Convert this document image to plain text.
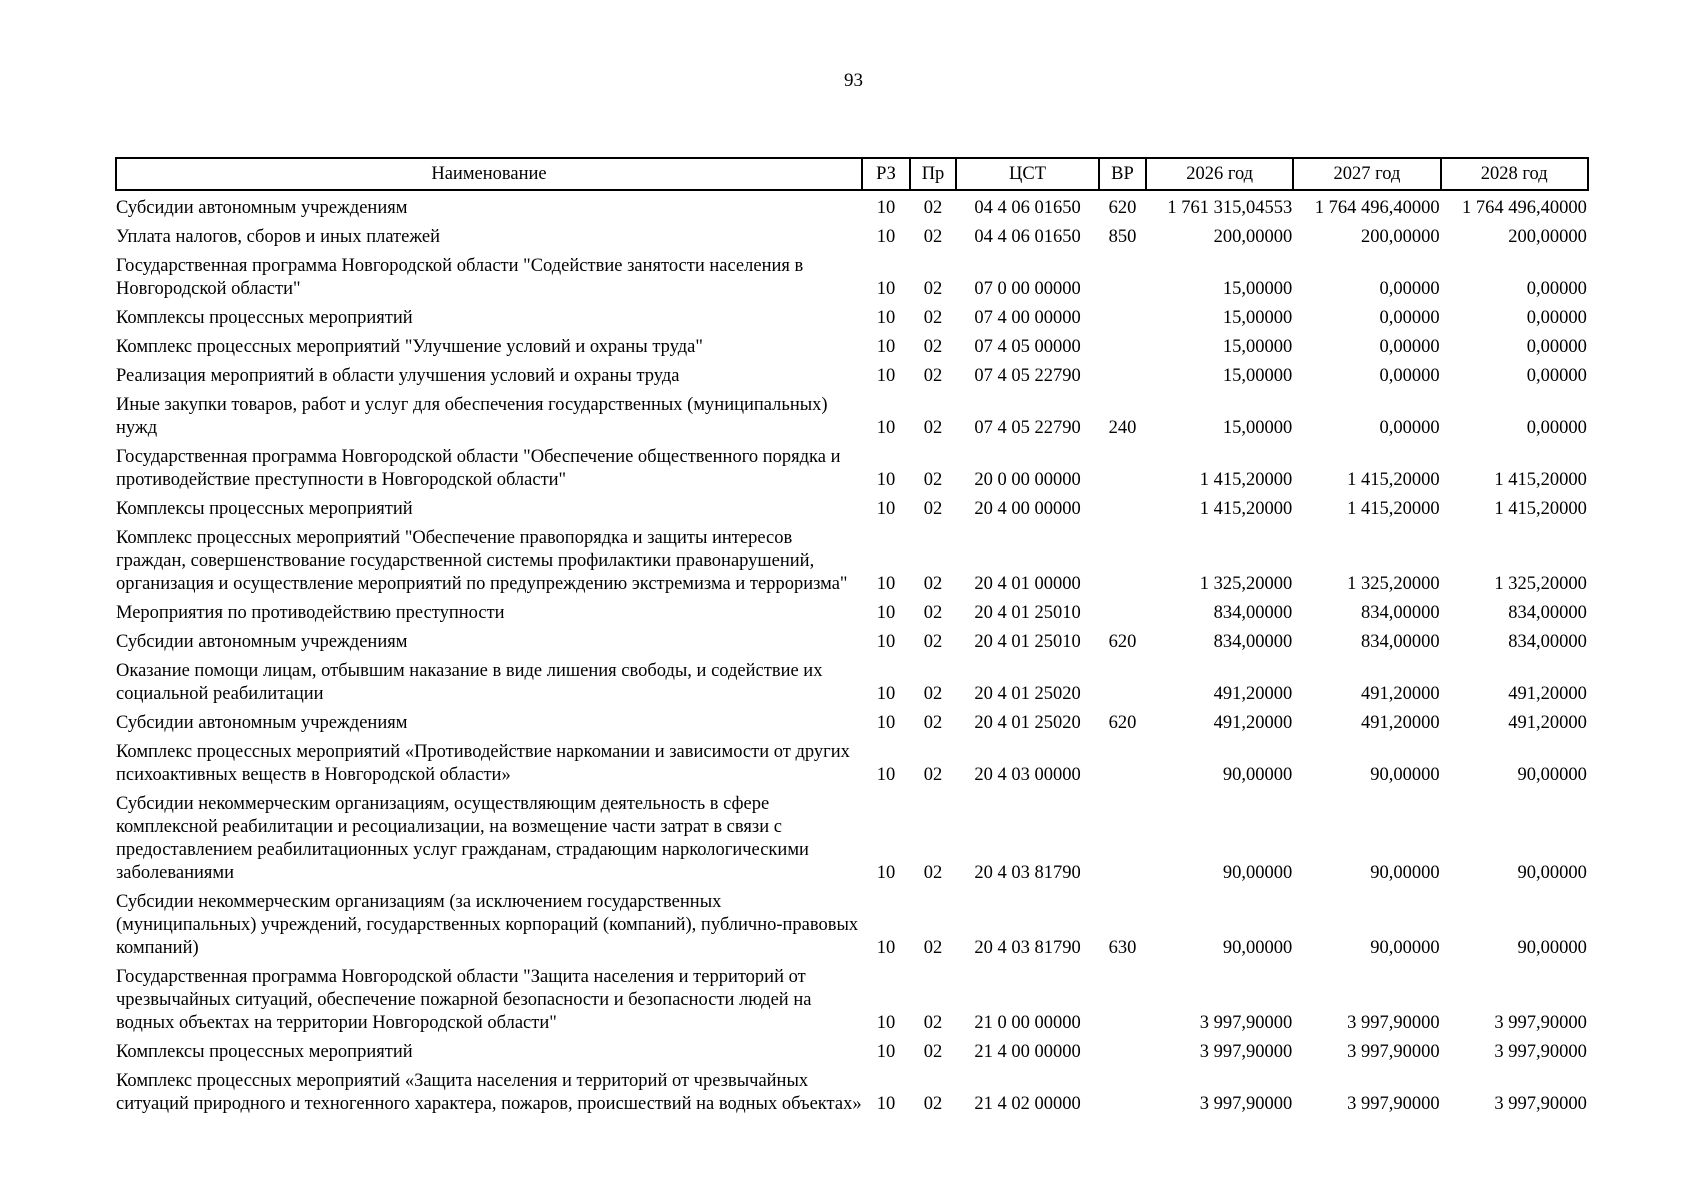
93
Наименование	РЗ	Пр	ЦСТ	ВР	2026 год	2027 год	2028 год
Субсидии автономным учреждениям	10	02	04 4 06 01650	620	1 761 315,04553	1 764 496,40000	1 764 496,40000
Уплата налогов, сборов и иных платежей	10	02	04 4 06 01650	850	200,00000	200,00000	200,00000
Государственная программа Новгородской области "Содействие занятости населения в Новгородской области"	10	02	07 0 00 00000		15,00000	0,00000	0,00000
Комплексы процессных мероприятий	10	02	07 4 00 00000		15,00000	0,00000	0,00000
Комплекс процессных мероприятий "Улучшение условий и охраны труда"	10	02	07 4 05 00000		15,00000	0,00000	0,00000
Реализация мероприятий в области улучшения условий и охраны труда	10	02	07 4 05 22790		15,00000	0,00000	0,00000
Иные закупки товаров, работ и услуг для обеспечения государственных (муниципальных) нужд	10	02	07 4 05 22790	240	15,00000	0,00000	0,00000
Государственная программа Новгородской области "Обеспечение общественного порядка и противодействие преступности в Новгородской области"	10	02	20 0 00 00000		1 415,20000	1 415,20000	1 415,20000
Комплексы процессных мероприятий	10	02	20 4 00 00000		1 415,20000	1 415,20000	1 415,20000
Комплекс процессных мероприятий "Обеспечение правопорядка и защиты интересов граждан, совершенствование государственной системы профилактики правонарушений, организация и осуществление мероприятий по предупреждению экстремизма и терроризма"	10	02	20 4 01 00000		1 325,20000	1 325,20000	1 325,20000
Мероприятия по противодействию преступности	10	02	20 4 01 25010		834,00000	834,00000	834,00000
Субсидии автономным учреждениям	10	02	20 4 01 25010	620	834,00000	834,00000	834,00000
Оказание помощи лицам, отбывшим наказание в виде лишения свободы, и содействие их социальной реабилитации	10	02	20 4 01 25020		491,20000	491,20000	491,20000
Субсидии автономным учреждениям	10	02	20 4 01 25020	620	491,20000	491,20000	491,20000
Комплекс процессных мероприятий «Противодействие наркомании и зависимости от других психоактивных веществ в Новгородской области»	10	02	20 4 03 00000		90,00000	90,00000	90,00000
Субсидии некоммерческим организациям, осуществляющим деятельность в сфере комплексной реабилитации и ресоциализации, на возмещение части затрат в связи с предоставлением реабилитационных услуг гражданам, страдающим наркологическими заболеваниями	10	02	20 4 03 81790		90,00000	90,00000	90,00000
Субсидии некоммерческим организациям (за исключением государственных (муниципальных) учреждений, государственных корпораций (компаний), публично-правовых компаний)	10	02	20 4 03 81790	630	90,00000	90,00000	90,00000
Государственная программа Новгородской области "Защита населения и территорий от чрезвычайных ситуаций, обеспечение пожарной безопасности и безопасности людей на водных объектах на территории Новгородской области"	10	02	21 0 00 00000		3 997,90000	3 997,90000	3 997,90000
Комплексы процессных мероприятий	10	02	21 4 00 00000		3 997,90000	3 997,90000	3 997,90000
Комплекс процессных мероприятий «Защита населения и территорий от чрезвычайных ситуаций природного и техногенного характера, пожаров, происшествий на водных объектах»	10	02	21 4 02 00000		3 997,90000	3 997,90000	3 997,90000
